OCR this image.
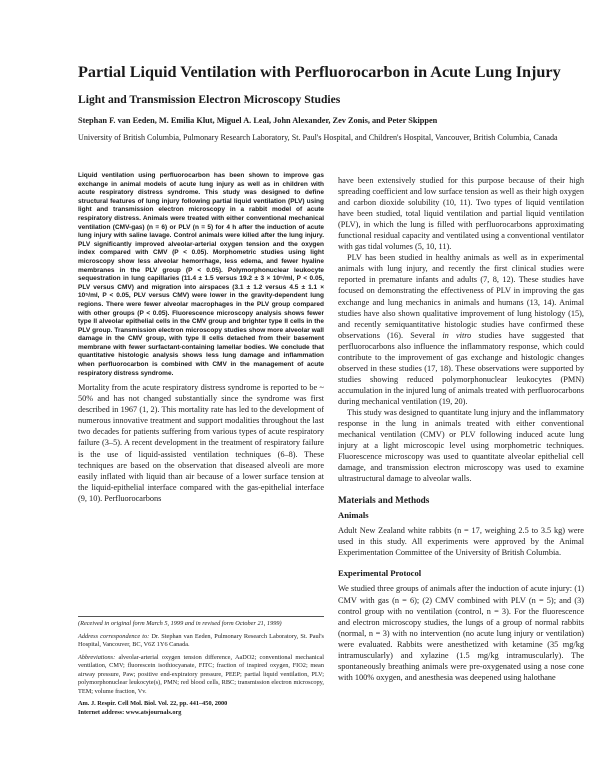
Partial Liquid Ventilation with Perfluorocarbon in Acute Lung Injury
Light and Transmission Electron Microscopy Studies
Stephan F. van Eeden, M. Emilia Klut, Miguel A. Leal, John Alexander, Zev Zonis, and Peter Skippen
University of British Columbia, Pulmonary Research Laboratory, St. Paul's Hospital, and Children's Hospital, Vancouver, British Columbia, Canada

Liquid ventilation using perfluorocarbon has been shown to improve gas exchange in animal models of acute lung injury as well as in children with acute respiratory distress syndrome. This study was designed to define structural features of lung injury following partial liquid ventilation (PLV) using light and transmission electron microscopy in a rabbit model of acute respiratory distress. Animals were treated with either conventional mechanical ventilation (CMV-gas) (n = 6) or PLV (n = 5) for 4 h after the induction of acute lung injury with saline lavage. Control animals were killed after the lung injury. PLV significantly improved alveolar-arterial oxygen tension and the oxygen index compared with CMV (P < 0.05). Morphometric studies using light microscopy show less alveolar hemorrhage, less edema, and fewer hyaline membranes in the PLV group (P < 0.05). Polymorphonuclear leukocyte sequestration in lung capillaries (11.4 ± 1.5 versus 19.2 ± 3 × 10⁵/ml, P < 0.05, PLV versus CMV) and migration into airspaces (3.1 ± 1.2 versus 4.5 ± 1.1 × 10⁵/ml, P < 0.05, PLV versus CMV) were lower in the gravity-dependent lung regions. There were fewer alveolar macrophages in the PLV group compared with other groups (P < 0.05). Fluorescence microscopy analysis shows fewer type II alveolar epithelial cells in the CMV group and brighter type II cells in the PLV group. Transmission electron microscopy studies show more alveolar wall damage in the CMV group, with type II cells detached from their basement membrane with fewer surfactant-containing lamellar bodies. We conclude that quantitative histologic analysis shows less lung damage and inflammation when perfluorocarbon is combined with CMV in the management of acute respiratory distress syndrome.

Mortality from the acute respiratory distress syndrome is reported to be ~ 50% and has not changed substantially since the syndrome was first described in 1967 (1, 2). This mortality rate has led to the development of numerous innovative treatment and support modalities throughout the last two decades for patients suffering from various types of acute respiratory failure (3–5). A recent development in the treatment of respiratory failure is the use of liquid-assisted ventilation techniques (6–8). These techniques are based on the observation that diseased alveoli are more easily inflated with liquid than air because of a lower surface tension at the liquid-epithelial interface compared with the gas-epithelial interface (9, 10). Perfluorocarbons

(Received in original form March 5, 1999 and in revised form October 21, 1999)

Address correspondence to: Dr. Stephan van Eeden, Pulmonary Research Laboratory, St. Paul's Hospital, Vancouver, BC, V6Z 1Y6 Canada.

Abbreviations: alveolar-arterial oxygen tension difference, AaDO2; conventional mechanical ventilation, CMV; fluorescein isothiocyanate, FITC; fraction of inspired oxygen, FIO2; mean airway pressure, Paw; positive end-expiratory pressure, PEEP; partial liquid ventilation, PLV; polymorphonuclear leukocyte(s), PMN; red blood cells, RBC; transmission electron microscopy, TEM; volume fraction, Vv.

Am. J. Respir. Cell Mol. Biol. Vol. 22, pp. 441–450, 2000

Internet address: www.atsjournals.org

have been extensively studied for this purpose because of their high spreading coefficient and low surface tension as well as their high oxygen and carbon dioxide solubility (10, 11). Two types of liquid ventilation have been studied, total liquid ventilation and partial liquid ventilation (PLV), in which the lung is filled with perfluorocarbons approximating functional residual capacity and ventilated using a conventional ventilator with gas tidal volumes (5, 10, 11).

PLV has been studied in healthy animals as well as in experimental animals with lung injury, and recently the first clinical studies were reported in premature infants and adults (7, 8, 12). These studies have focused on demonstrating the effectiveness of PLV in improving the gas exchange and lung mechanics in animals and humans (13, 14). Animal studies have also shown qualitative improvement of lung histology (15), and recently semiquantitative histologic studies have confirmed these observations (16). Several in vitro studies have suggested that perfluorocarbons also influence the inflammatory response, which could contribute to the improvement of gas exchange and histologic changes observed in these studies (17, 18). These observations were supported by studies showing reduced polymorphonuclear leukocytes (PMN) accumulation in the injured lung of animals treated with perfluorocarbons during mechanical ventilation (19, 20).

This study was designed to quantitate lung injury and the inflammatory response in the lung in animals treated with either conventional mechanical ventilation (CMV) or PLV following induced acute lung injury at a light microscopic level using morphometric techniques. Fluorescence microscopy was used to quantitate alveolar epithelial cell damage, and transmission electron microscopy was used to examine ultrastructural damage to alveolar walls.

Materials and Methods
Animals

Adult New Zealand white rabbits (n = 17, weighing 2.5 to 3.5 kg) were used in this study. All experiments were approved by the Animal Experimentation Committee of the University of British Columbia.

Experimental Protocol

We studied three groups of animals after the induction of acute injury: (1) CMV with gas (n = 6); (2) CMV combined with PLV (n = 5); and (3) control group with no ventilation (control, n = 3). For the fluorescence and electron microscopy studies, the lungs of a group of normal rabbits (normal, n = 3) with no intervention (no acute lung injury or ventilation) were evaluated. Rabbits were anesthetized with ketamine (35 mg/kg intramuscularly) and xylazine (1.5 mg/kg intramuscularly). The spontaneously breathing animals were pre-oxygenated using a nose cone with 100% oxygen, and anesthesia was deepened using halothane
